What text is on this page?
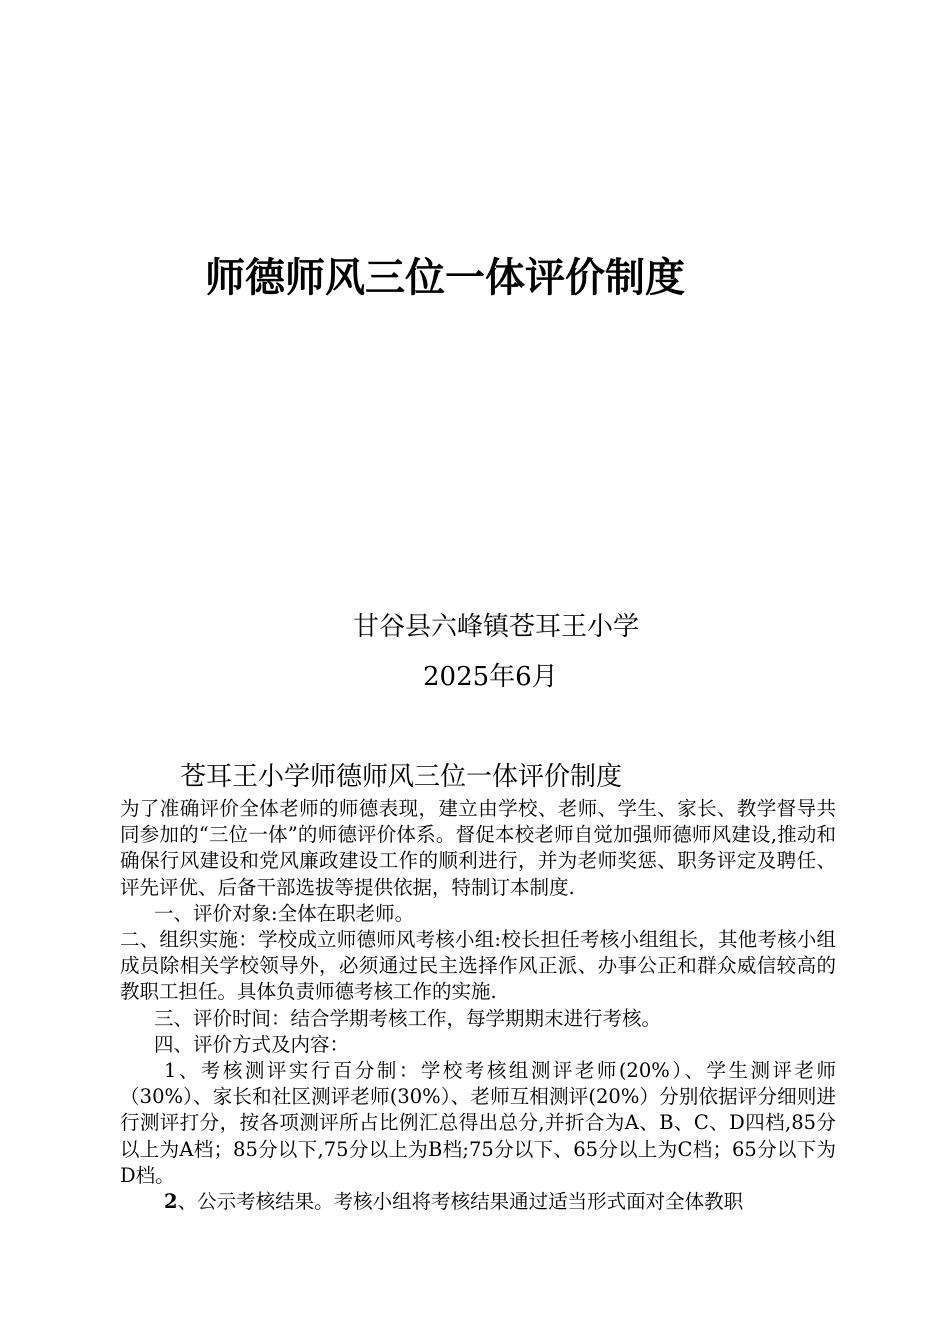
师德师风三位一体评价制度
甘谷县六峰镇苍耳王小学
2025年6月
苍耳王小学师德师风三位一体评价制度

为了准确评价全体老师的师德表现，建立由学校、老师、学生、家长、教学督导共同参加的“三位一体”的师德评价体系。督促本校老师自觉加强师德师风建设,推动和确保行风建设和党风廉政建设工作的顺利进行，并为老师奖惩、职务评定及聘任、评先评优、后备干部选拔等提供依据，特制订本制度.

一、评价对象:全体在职老师。

二、组织实施：学校成立师德师风考核小组:校长担任考核小组组长，其他考核小组成员除相关学校领导外，必须通过民主选择作风正派、办事公正和群众威信较高的教职工担任。具体负责师德考核工作的实施.

三、评价时间：结合学期考核工作，每学期期末进行考核。

四、评价方式及内容：

1、考核测评实行百分制：学校考核组测评老师(20%）、学生测评老师（30%）、家长和社区测评老师(30%）、老师互相测评(20%）分别依据评分细则进行测评打分，按各项测评所占比例汇总得出总分,并折合为A、B、C、D四档,85分以上为A档；85分以下,75分以上为B档;75分以下、65分以上为C档；65分以下为D档。

2、公示考核结果。考核小组将考核结果通过适当形式面对全体教职
